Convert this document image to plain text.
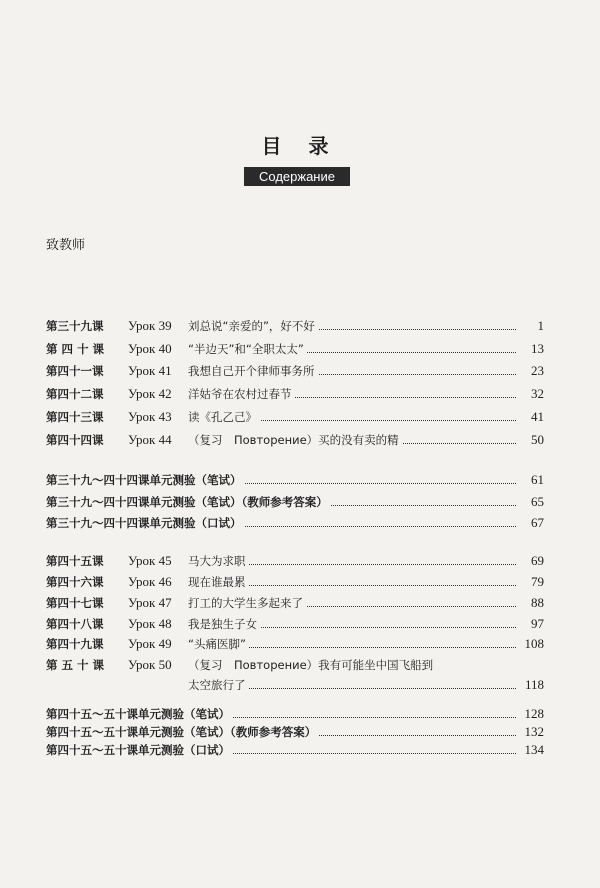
目 录
Содержание
致教师
第三十九课 Урок 39 刘总说“亲爱的”，好不好	1
第 四 十 课 Урок 40 “半边天”和“全职太太”	13
第四十一课 Урок 41 我想自己开个律师事务所	23
第四十二课 Урок 42 洋姑爷在农村过春节	32
第四十三课 Урок 43 读《孔乙己》	41
第四十四课 Урок 44 （复习　Повторение）买的没有卖的精	50
第三十九～四十四课单元测验（笔试）	61
第三十九～四十四课单元测验（笔试）（教师参考答案）	65
第三十九～四十四课单元测验（口试）	67
第四十五课 Урок 45 马大为求职	69
第四十六课 Урок 46 现在谁最累	79
第四十七课 Урок 47 打工的大学生多起来了	88
第四十八课 Урок 48 我是独生子女	97
第四十九课 Урок 49 “头痛医脚”	108
第 五 十 课 Урок 50 （复习　Повторение）我有可能坐中国飞船到
太空旅行了	118
第四十五～五十课单元测验（笔试）	128
第四十五～五十课单元测验（笔试）（教师参考答案）	132
第四十五～五十课单元测验（口试）	134
